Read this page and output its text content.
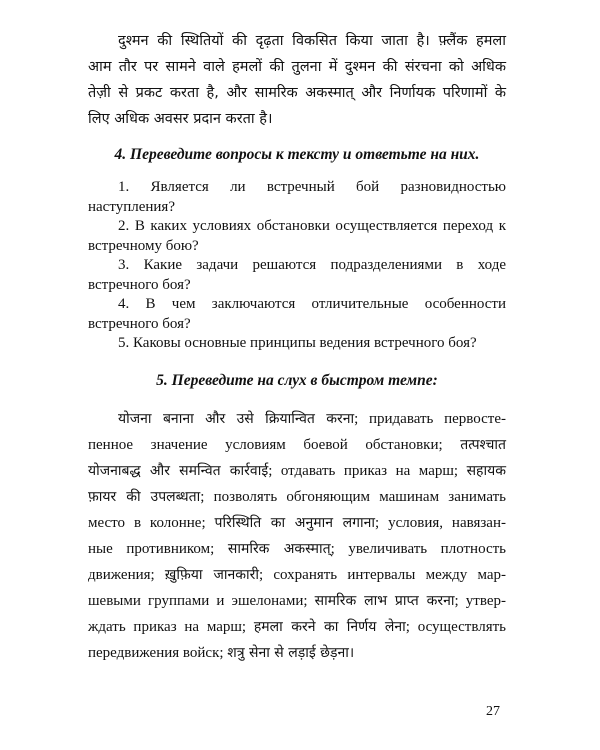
दुश्मन की स्थितियों की दृढ़ता विकसित किया जाता है। फ़्लैंक हमला
आम तौर पर सामने वाले हमलों की तुलना में दुश्मन की संरचना को अधिक
तेज़ी से प्रकट करता है, और सामरिक अकस्मात् और निर्णायक परिणामों के
लिए अधिक अवसर प्रदान करता है।

4. Переведите вопросы к тексту и ответьте на них.

1. Является ли встречный бой разновидностью наступления?

2. В каких условиях обстановки осуществляется переход к встречному бою?

3. Какие задачи решаются подразделениями в ходе встречного боя?

4. В чем заключаются отличительные особенности встречного боя?

5. Каковы основные принципы ведения встречного боя?

5. Переведите на слух в быстром темпе:

योजना बनाना और उसे क्रियान्वित करना; придавать первосте-
пенное значение условиям боевой обстановки; तत्पश्चात
योजनाबद्ध और समन्वित कार्रवाई; отдавать приказ на марш; सहायक
फ़ायर की उपलब्धता; позволять обгоняющим машинам занимать
место в колонне; परिस्थिति का अनुमान लगाना; условия, навязан-
ные противником; सामरिक अकस्मात्; увеличивать плотность
движения; ख़ुफ़िया जानकारी; сохранять интервалы между мар-
шевыми группами и эшелонами; सामरिक लाभ प्राप्त करना; утвер-
ждать приказ на марш; हमला करने का निर्णय लेना; осуществлять
передвижения войск; शत्रु सेना से लड़ाई छेड़ना।
27
